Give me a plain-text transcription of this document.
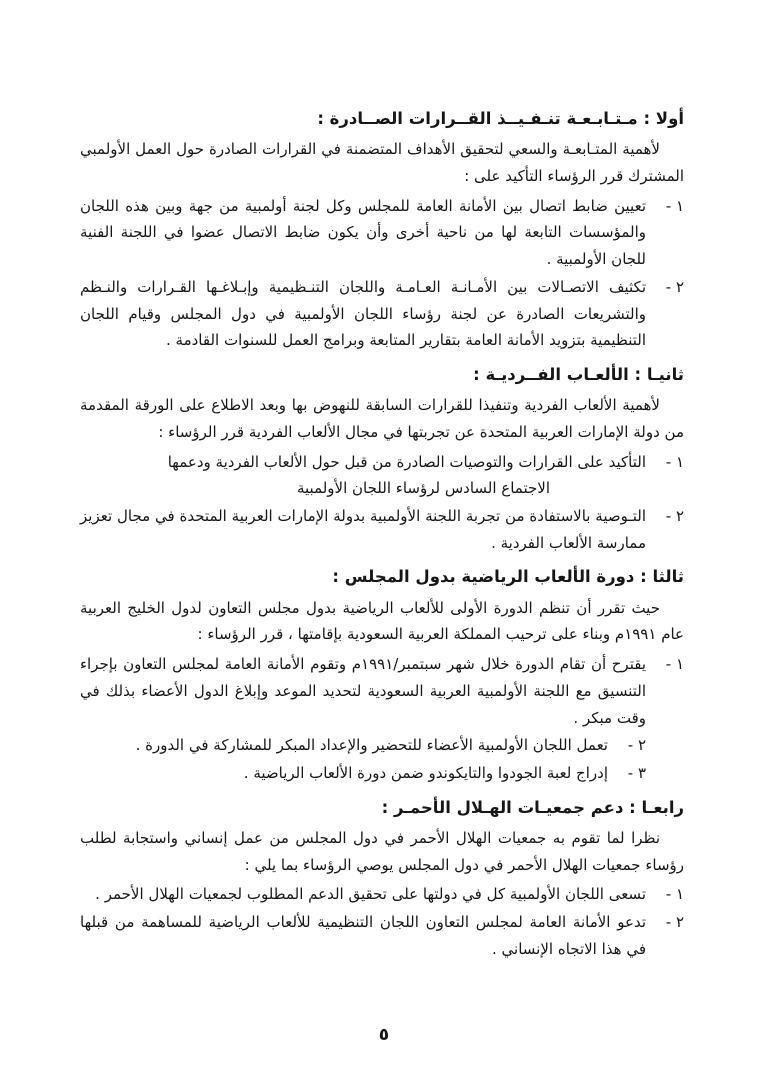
أولا : مـتـابـعـة تنـفـيــذ القــرارات الصــادرة :

لأهمية المتـابعـة والسعي لتحقيق الأهداف المتضمنة في القرارات الصادرة حول العمل الأولمبي المشترك قرر الرؤساء التأكيد على :

١ -
تعيين ضابط اتصال بين الأمانة العامة للمجلس وكل لجنة أولمبية من جهة وبين هذه اللجان والمؤسسات التابعة لها من ناحية أخرى وأن يكون ضابط الاتصال عضوا في اللجنة الفنية للجان الأولمبية .
٢ -
تكثيف الاتصـالات بين الأمـانـة العـامـة واللجان التنـظيمية وإبـلاغـها القـرارات والنـظم والتشريعات الصادرة عن لجنة رؤساء اللجان الأولمبية في دول المجلس وقيام اللجان التنظيمية بتزويد الأمانة العامة بتقارير المتابعة وبرامج العمل للسنوات القادمة .
ثانيـا : الألعـاب الفــرديـة :

لأهمية الألعاب الفردية وتنفيذا للقرارات السابقة للنهوض بها وبعد الاطلاع على الورقة المقدمة من دولة الإمارات العربية المتحدة عن تجربتها في مجال الألعاب الفردية قرر الرؤساء :

١ -
التأكيد على القرارات والتوصيات الصادرة من قبل حول الألعاب الفردية ودعمها
الاجتماع السادس لرؤساء اللجان الأولمبية
٢ -
التـوصية بالاستفادة من تجربة اللجنة الأولمبية بدولة الإمارات العربية المتحدة في مجال تعزيز ممارسة الألعاب الفردية .
ثالثا : دورة الألعاب الرياضية بدول المجلس :

حيث تقرر أن تنظم الدورة الأولى للألعاب الرياضية بدول مجلس التعاون لدول الخليج العربية عام ١٩٩١م وبناء على ترحيب المملكة العربية السعودية بإقامتها ، قرر الرؤساء :

١ -
يقترح أن تقام الدورة خلال شهر سبتمبر/١٩٩١م وتقوم الأمانة العامة لمجلس التعاون بإجراء التنسيق مع اللجنة الأولمبية العربية السعودية لتحديد الموعد وإبلاغ الدول الأعضاء بذلك في وقت مبكر .
٢ -
تعمل اللجان الأولمبية الأعضاء للتحضير والإعداد المبكر للمشاركة في الدورة .
٣ -
إدراج لعبة الجودوا والتايكوندو ضمن دورة الألعاب الرياضية .
رابعـا : دعم جمعيـات الهـلال الأحمـر :

نظرا لما تقوم به جمعيات الهلال الأحمر في دول المجلس من عمل إنساني واستجابة لطلب رؤساء جمعيات الهلال الأحمر في دول المجلس يوصي الرؤساء بما يلي :

١ -
تسعى اللجان الأولمبية كل في دولتها على تحقيق الدعم المطلوب لجمعيات الهلال الأحمر .
٢ -
تدعو الأمانة العامة لمجلس التعاون اللجان التنظيمية للألعاب الرياضية للمساهمة من قبلها في هذا الاتجاه الإنساني .
٥
